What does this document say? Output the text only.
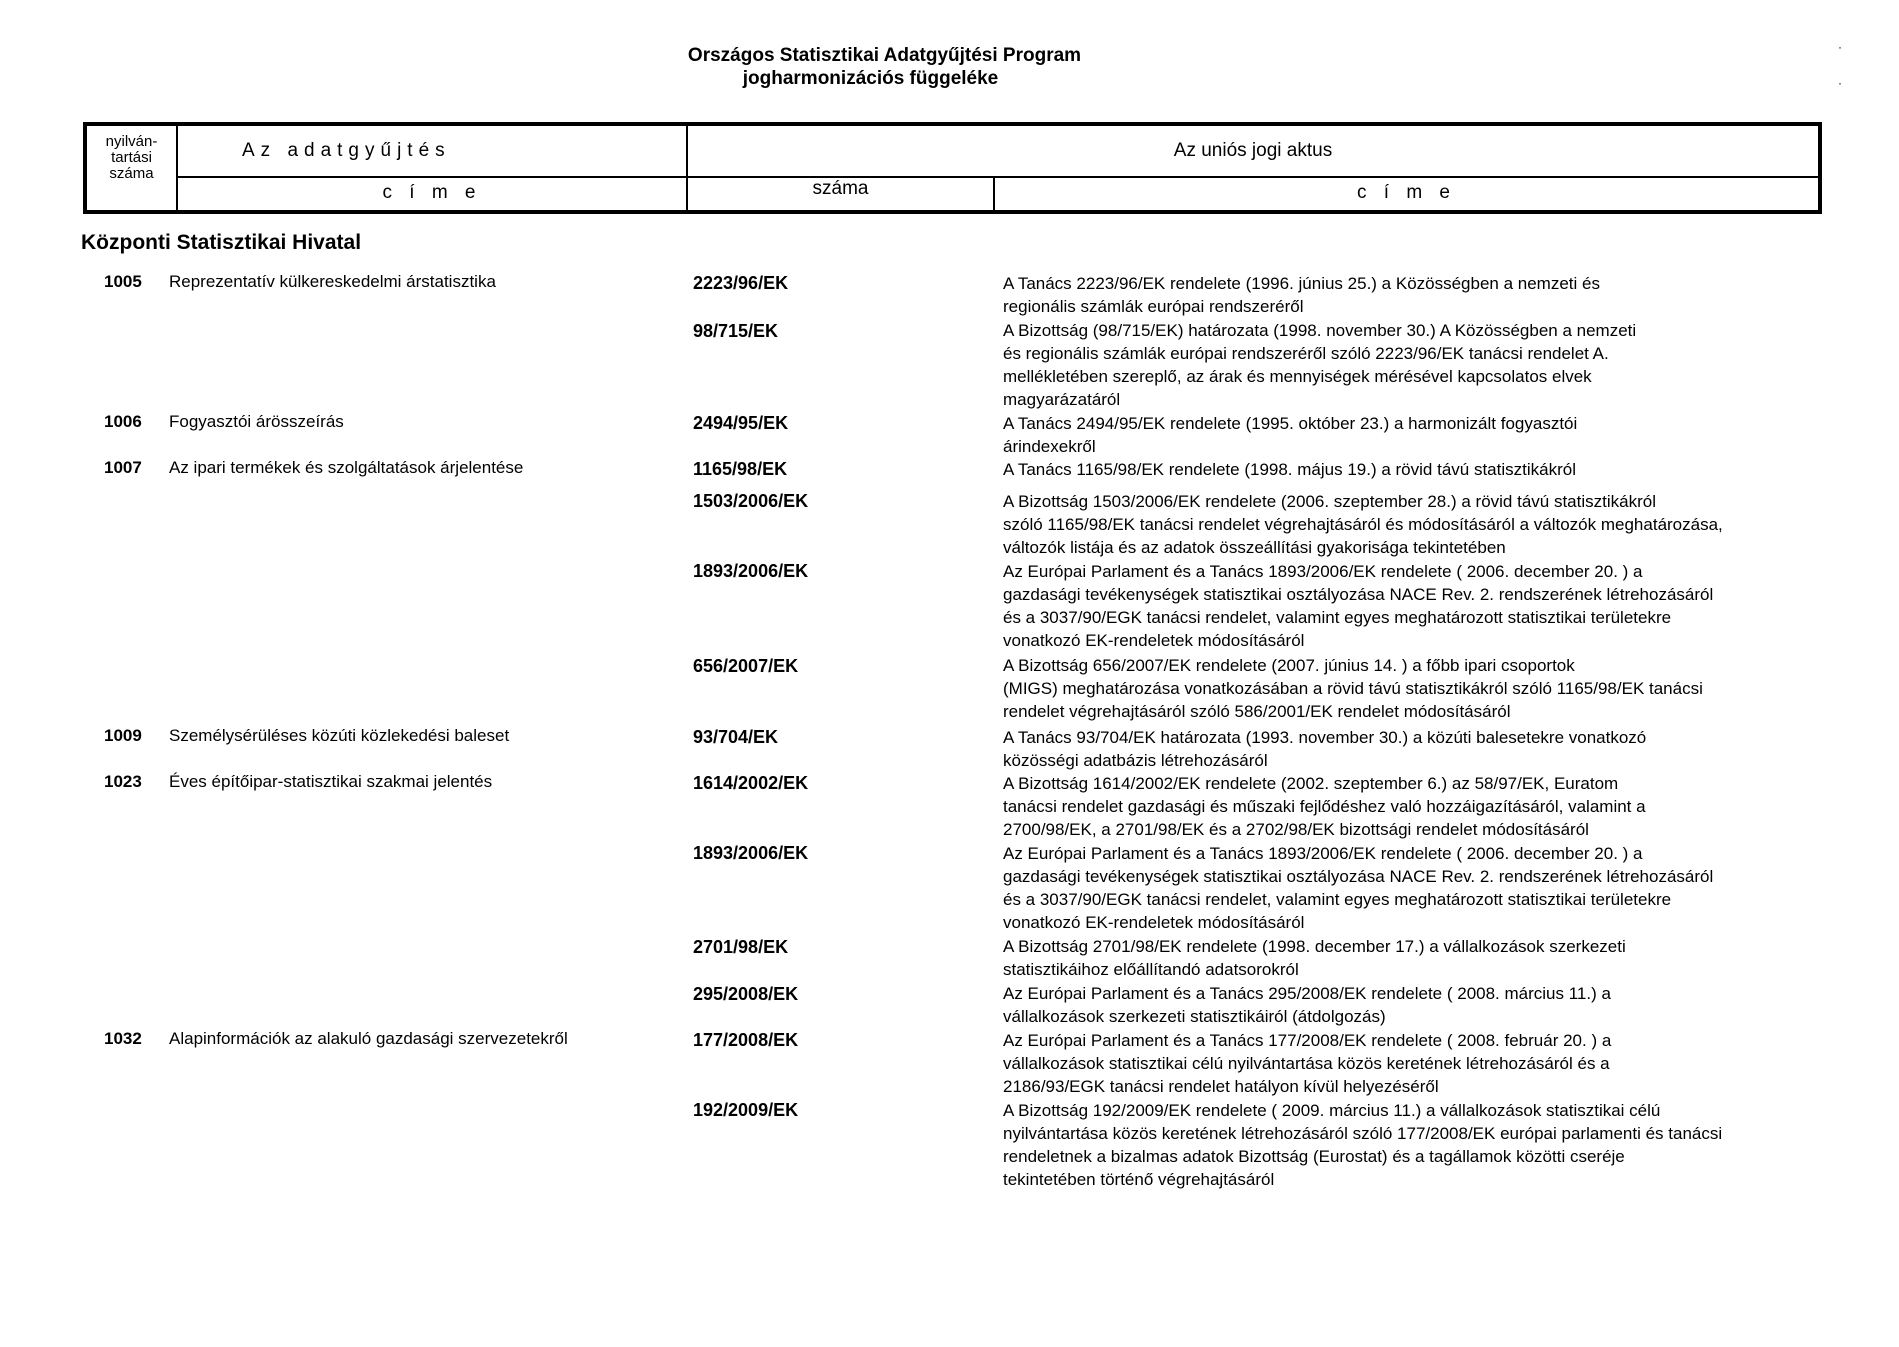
Országos Statisztikai Adatgyűjtési Program
jogharmonizációs függeléke
·
·
nyilván-
tartási
száma
Az adatgyűjtés	Az uniós jogi aktus
c í m e	száma	c í m e
Központi Statisztikai Hivatal
1005 Reprezentatív külkereskedelmi árstatisztika	2223/96/EK	A Tanács 2223/96/EK rendelete (1996. június 25.) a Közösségben a nemzeti és
regionális számlák európai rendszeréről
98/715/EK	A Bizottság (98/715/EK) határozata (1998. november 30.) A Közösségben a nemzeti
és regionális számlák európai rendszeréről szóló 2223/96/EK tanácsi rendelet A.
mellékletében szereplő, az árak és mennyiségek mérésével kapcsolatos elvek
magyarázatáról
1006 Fogyasztói árösszeírás	2494/95/EK	A Tanács 2494/95/EK rendelete (1995. október 23.) a harmonizált fogyasztói
árindexekről
1007 Az ipari termékek és szolgáltatások árjelentése	1165/98/EK	A Tanács 1165/98/EK rendelete (1998. május 19.) a rövid távú statisztikákról
1503/2006/EK	A Bizottság 1503/2006/EK rendelete (2006. szeptember 28.) a rövid távú statisztikákról
szóló 1165/98/EK tanácsi rendelet végrehajtásáról és módosításáról a változók meghatározása,
változók listája és az adatok összeállítási gyakorisága tekintetében
1893/2006/EK	Az Európai Parlament és a Tanács 1893/2006/EK rendelete ( 2006. december 20. ) a
gazdasági tevékenységek statisztikai osztályozása NACE Rev. 2. rendszerének létrehozásáról
és a 3037/90/EGK tanácsi rendelet, valamint egyes meghatározott statisztikai területekre
vonatkozó EK-rendeletek módosításáról
656/2007/EK	A Bizottság 656/2007/EK rendelete (2007. június 14. ) a főbb ipari csoportok
(MIGS) meghatározása vonatkozásában a rövid távú statisztikákról szóló 1165/98/EK tanácsi
rendelet végrehajtásáról szóló 586/2001/EK rendelet módosításáról
1009 Személysérüléses közúti közlekedési baleset	93/704/EK	A Tanács 93/704/EK határozata (1993. november 30.) a közúti balesetekre vonatkozó
közösségi adatbázis létrehozásáról
1023 Éves építőipar-statisztikai szakmai jelentés	1614/2002/EK	A Bizottság 1614/2002/EK rendelete (2002. szeptember 6.) az 58/97/EK, Euratom
tanácsi rendelet gazdasági és műszaki fejlődéshez való hozzáigazításáról, valamint a
2700/98/EK, a 2701/98/EK és a 2702/98/EK bizottsági rendelet módosításáról
1893/2006/EK	Az Európai Parlament és a Tanács 1893/2006/EK rendelete ( 2006. december 20. ) a
gazdasági tevékenységek statisztikai osztályozása NACE Rev. 2. rendszerének létrehozásáról
és a 3037/90/EGK tanácsi rendelet, valamint egyes meghatározott statisztikai területekre
vonatkozó EK-rendeletek módosításáról
2701/98/EK	A Bizottság 2701/98/EK rendelete (1998. december 17.) a vállalkozások szerkezeti
statisztikáihoz előállítandó adatsorokról
295/2008/EK	Az Európai Parlament és a Tanács 295/2008/EK rendelete ( 2008. március 11.) a
vállalkozások szerkezeti statisztikáiról (átdolgozás)
1032 Alapinformációk az alakuló gazdasági szervezetekről	177/2008/EK	Az Európai Parlament és a Tanács 177/2008/EK rendelete ( 2008. február 20. ) a
vállalkozások statisztikai célú nyilvántartása közös keretének létrehozásáról és a
2186/93/EGK tanácsi rendelet hatályon kívül helyezéséről
192/2009/EK	A Bizottság 192/2009/EK rendelete ( 2009. március 11.) a vállalkozások statisztikai célú
nyilvántartása közös keretének létrehozásáról szóló 177/2008/EK európai parlamenti és tanácsi
rendeletnek a bizalmas adatok Bizottság (Eurostat) és a tagállamok közötti cseréje
tekintetében történő végrehajtásáról
